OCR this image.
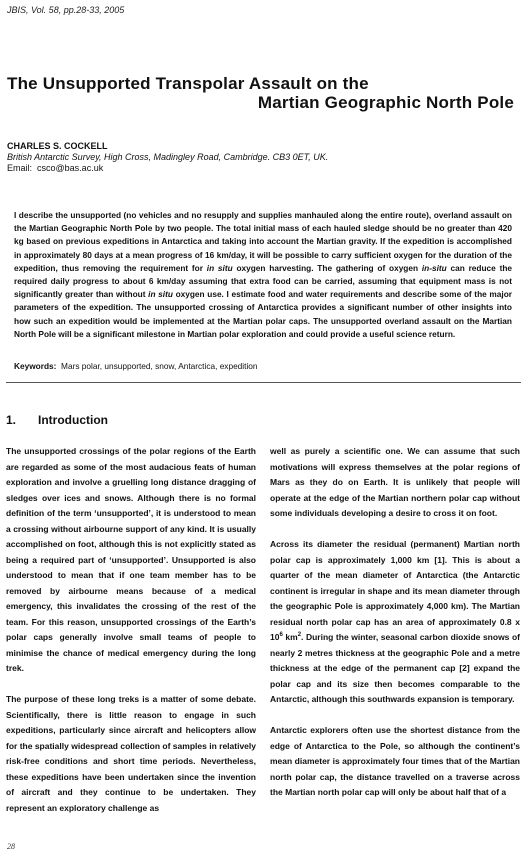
JBIS, Vol. 58, pp.28-33, 2005
The Unsupported Transpolar Assault on the
Martian Geographic North Pole
CHARLES S. COCKELL
British Antarctic Survey, High Cross, Madingley Road, Cambridge. CB3 0ET, UK.
Email: csco@bas.ac.uk

I describe the unsupported (no vehicles and no resupply and supplies manhauled along the entire route), overland assault on the Martian Geographic North Pole by two people. The total initial mass of each hauled sledge should be no greater than 420 kg based on previous expeditions in Antarctica and taking into account the Martian gravity. If the expedition is accomplished in approximately 80 days at a mean progress of 16 km/day, it will be possible to carry sufficient oxygen for the duration of the expedition, thus removing the requirement for in situ oxygen harvesting. The gathering of oxygen in-situ can reduce the required daily progress to about 6 km/day assuming that extra food can be carried, assuming that equipment mass is not significantly greater than without in situ oxygen use. I estimate food and water requirements and describe some of the major parameters of the expedition. The unsupported crossing of Antarctica provides a significant number of other insights into how such an expedition would be implemented at the Martian polar caps. The unsupported overland assault on the Martian North Pole will be a significant milestone in Martian polar exploration and could provide a useful science return.

Keywords: Mars polar, unsupported, snow, Antarctica, expedition
1. Introduction

The unsupported crossings of the polar regions of the Earth are regarded as some of the most audacious feats of human exploration and involve a gruelling long distance dragging of sledges over ices and snows. Although there is no formal definition of the term ‘unsupported’, it is understood to mean a crossing without airbourne support of any kind. It is usually accomplished on foot, although this is not explicitly stated as being a required part of ‘unsupported’. Unsupported is also understood to mean that if one team member has to be removed by airbourne means because of a medical emergency, this invalidates the crossing of the rest of the team. For this reason, unsupported crossings of the Earth’s polar caps generally involve small teams of people to minimise the chance of medical emergency during the long trek.

The purpose of these long treks is a matter of some debate. Scientifically, there is little reason to engage in such expeditions, particularly since aircraft and helicopters allow for the spatially widespread collection of samples in relatively risk-free conditions and short time periods. Nevertheless, these expeditions have been undertaken since the invention of aircraft and they continue to be undertaken. They represent an exploratory challenge as

well as purely a scientific one. We can assume that such motivations will express themselves at the polar regions of Mars as they do on Earth. It is unlikely that people will operate at the edge of the Martian northern polar cap without some individuals developing a desire to cross it on foot.

Across its diameter the residual (permanent) Martian north polar cap is approximately 1,000 km [1]. This is about a quarter of the mean diameter of Antarctica (the Antarctic continent is irregular in shape and its mean diameter through the geographic Pole is approximately 4,000 km). The Martian residual north polar cap has an area of approximately 0.8 x $10^6$ $km^2$. During the winter, seasonal carbon dioxide snows of nearly 2 metres thickness at the geographic Pole and a metre thickness at the edge of the permanent cap [2] expand the polar cap and its size then becomes comparable to the Antarctic, although this southwards expansion is temporary.

Antarctic explorers often use the shortest distance from the edge of Antarctica to the Pole, so although the continent’s mean diameter is approximately four times that of the Martian north polar cap, the distance travelled on a traverse across the Martian north polar cap will only be about half that of a

28
